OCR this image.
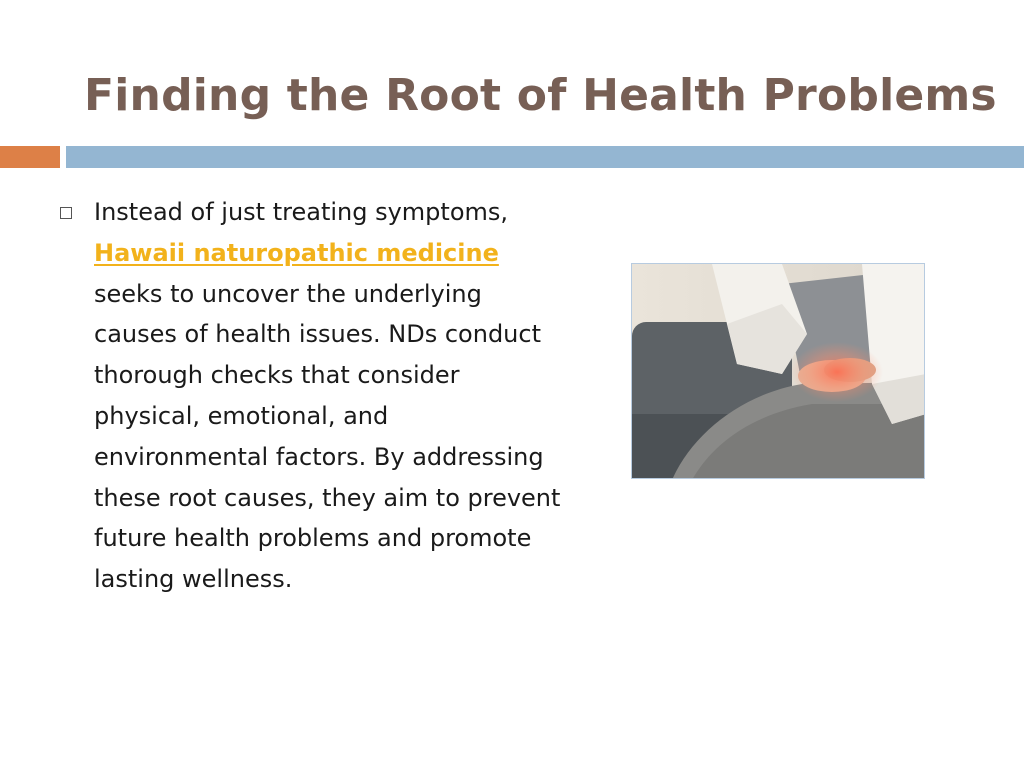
Finding the Root of Health Problems
Instead of just treating symptoms, Hawaii naturopathic medicine seeks to uncover the underlying causes of health issues. NDs conduct thorough checks that consider physical, emotional, and environmental factors. By addressing these root causes, they aim to prevent future health problems and promote lasting wellness.
